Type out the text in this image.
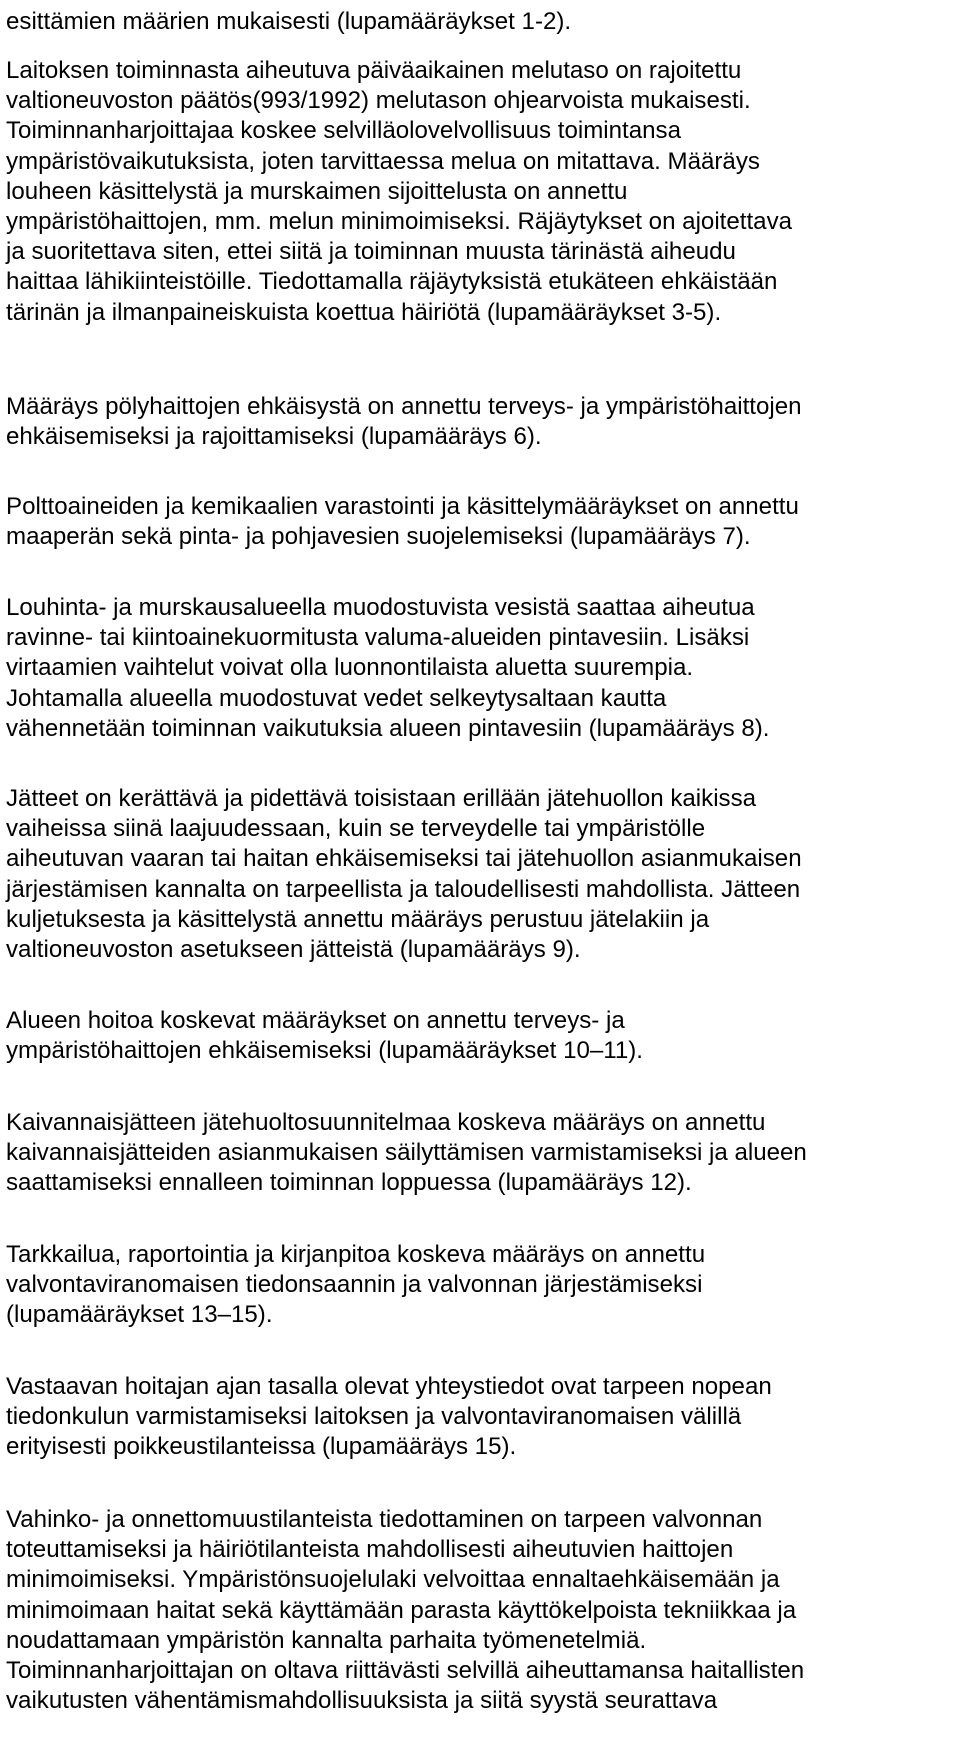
esittämien määrien mukaisesti (lupamääräykset 1-2).

Laitoksen toiminnasta aiheutuva päiväaikainen melutaso on rajoitettu
valtioneuvoston päätös(993/1992) melutason ohjearvoista mukaisesti.
Toiminnanharjoittajaa koskee selvilläolovelvollisuus toimintansa
ympäristövaikutuksista, joten tarvittaessa melua on mitattava. Määräys
louheen käsittelystä ja murskaimen sijoittelusta on annettu
ympäristöhaittojen, mm. melun minimoimiseksi. Räjäytykset on ajoitettava
ja suoritettava siten, ettei siitä ja toiminnan muusta tärinästä aiheudu
haittaa lähikiinteistöille. Tiedottamalla räjäytyksistä etukäteen ehkäistään
tärinän ja ilmanpaineiskuista koettua häiriötä (lupamääräykset 3-5).

Määräys pölyhaittojen ehkäisystä on annettu terveys- ja ympäristöhaittojen
ehkäisemiseksi ja rajoittamiseksi (lupamääräys 6).

Polttoaineiden ja kemikaalien varastointi ja käsittelymääräykset on annettu
maaperän sekä pinta- ja pohjavesien suojelemiseksi (lupamääräys 7).

Louhinta- ja murskausalueella muodostuvista vesistä saattaa aiheutua
ravinne- tai kiintoainekuormitusta valuma-alueiden pintavesiin. Lisäksi
virtaamien vaihtelut voivat olla luonnontilaista aluetta suurempia.
Johtamalla alueella muodostuvat vedet selkeytysaltaan kautta
vähennetään toiminnan vaikutuksia alueen pintavesiin (lupamääräys 8).

Jätteet on kerättävä ja pidettävä toisistaan erillään jätehuollon kaikissa
vaiheissa siinä laajuudessaan, kuin se terveydelle tai ympäristölle
aiheutuvan vaaran tai haitan ehkäisemiseksi tai jätehuollon asianmukaisen
järjestämisen kannalta on tarpeellista ja taloudellisesti mahdollista. Jätteen
kuljetuksesta ja käsittelystä annettu määräys perustuu jätelakiin ja
valtioneuvoston asetukseen jätteistä (lupamääräys 9).

Alueen hoitoa koskevat määräykset on annettu terveys- ja
ympäristöhaittojen ehkäisemiseksi (lupamääräykset 10–11).

Kaivannaisjätteen jätehuoltosuunnitelmaa koskeva määräys on annettu
kaivannaisjätteiden asianmukaisen säilyttämisen varmistamiseksi ja alueen
saattamiseksi ennalleen toiminnan loppuessa (lupamääräys 12).

Tarkkailua, raportointia ja kirjanpitoa koskeva määräys on annettu
valvontaviranomaisen tiedonsaannin ja valvonnan järjestämiseksi
(lupamääräykset 13–15).

Vastaavan hoitajan ajan tasalla olevat yhteystiedot ovat tarpeen nopean
tiedonkulun varmistamiseksi laitoksen ja valvontaviranomaisen välillä
erityisesti poikkeustilanteissa (lupamääräys 15).

Vahinko- ja onnettomuustilanteista tiedottaminen on tarpeen valvonnan
toteuttamiseksi ja häiriötilanteista mahdollisesti aiheutuvien haittojen
minimoimiseksi. Ympäristönsuojelulaki velvoittaa ennaltaehkäisemään ja
minimoimaan haitat sekä käyttämään parasta käyttökelpoista tekniikkaa ja
noudattamaan ympäristön kannalta parhaita työmenetelmiä.
Toiminnanharjoittajan on oltava riittävästi selvillä aiheuttamansa haitallisten
vaikutusten vähentämismahdollisuuksista ja siitä syystä seurattava
